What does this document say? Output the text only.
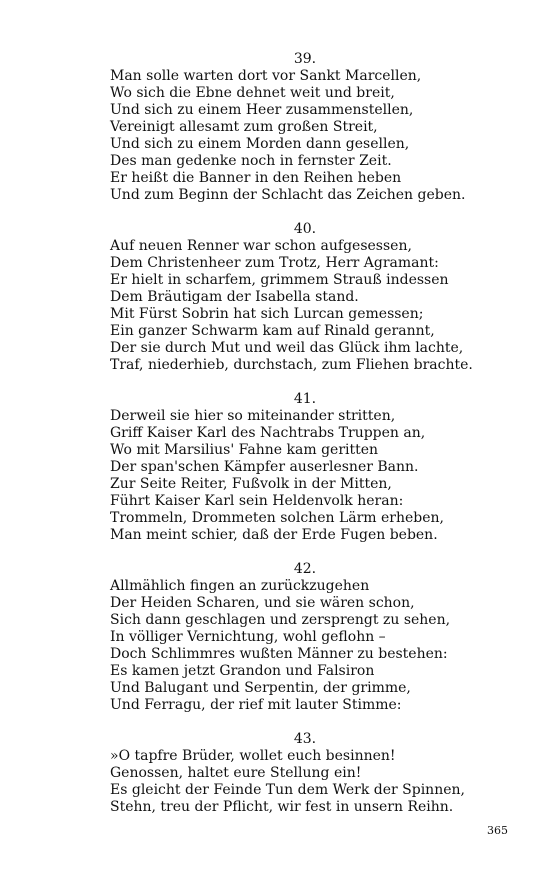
39.
Man solle warten dort vor Sankt Marcellen,
Wo sich die Ebne dehnet weit und breit,
Und sich zu einem Heer zusammenstellen,
Vereinigt allesamt zum großen Streit,
Und sich zu einem Morden dann gesellen,
Des man gedenke noch in fernster Zeit.
Er heißt die Banner in den Reihen heben
Und zum Beginn der Schlacht das Zeichen geben.
40.
Auf neuen Renner war schon aufgesessen,
Dem Christenheer zum Trotz, Herr Agramant:
Er hielt in scharfem, grimmem Strauß indessen
Dem Bräutigam der Isabella stand.
Mit Fürst Sobrin hat sich Lurcan gemessen;
Ein ganzer Schwarm kam auf Rinald gerannt,
Der sie durch Mut und weil das Glück ihm lachte,
Traf, niederhieb, durchstach, zum Fliehen brachte.
41.
Derweil sie hier so miteinander stritten,
Griff Kaiser Karl des Nachtrabs Truppen an,
Wo mit Marsilius' Fahne kam geritten
Der span'schen Kämpfer auserlesner Bann.
Zur Seite Reiter, Fußvolk in der Mitten,
Führt Kaiser Karl sein Heldenvolk heran:
Trommeln, Drommeten solchen Lärm erheben,
Man meint schier, daß der Erde Fugen beben.
42.
Allmählich fingen an zurückzugehen
Der Heiden Scharen, und sie wären schon,
Sich dann geschlagen und zersprengt zu sehen,
In völliger Vernichtung, wohl geflohn –
Doch Schlimmres wußten Männer zu bestehen:
Es kamen jetzt Grandon und Falsiron
Und Balugant und Serpentin, der grimme,
Und Ferragu, der rief mit lauter Stimme:
43.
»O tapfre Brüder, wollet euch besinnen!
Genossen, haltet eure Stellung ein!
Es gleicht der Feinde Tun dem Werk der Spinnen,
Stehn, treu der Pflicht, wir fest in unsern Reihn.
365
